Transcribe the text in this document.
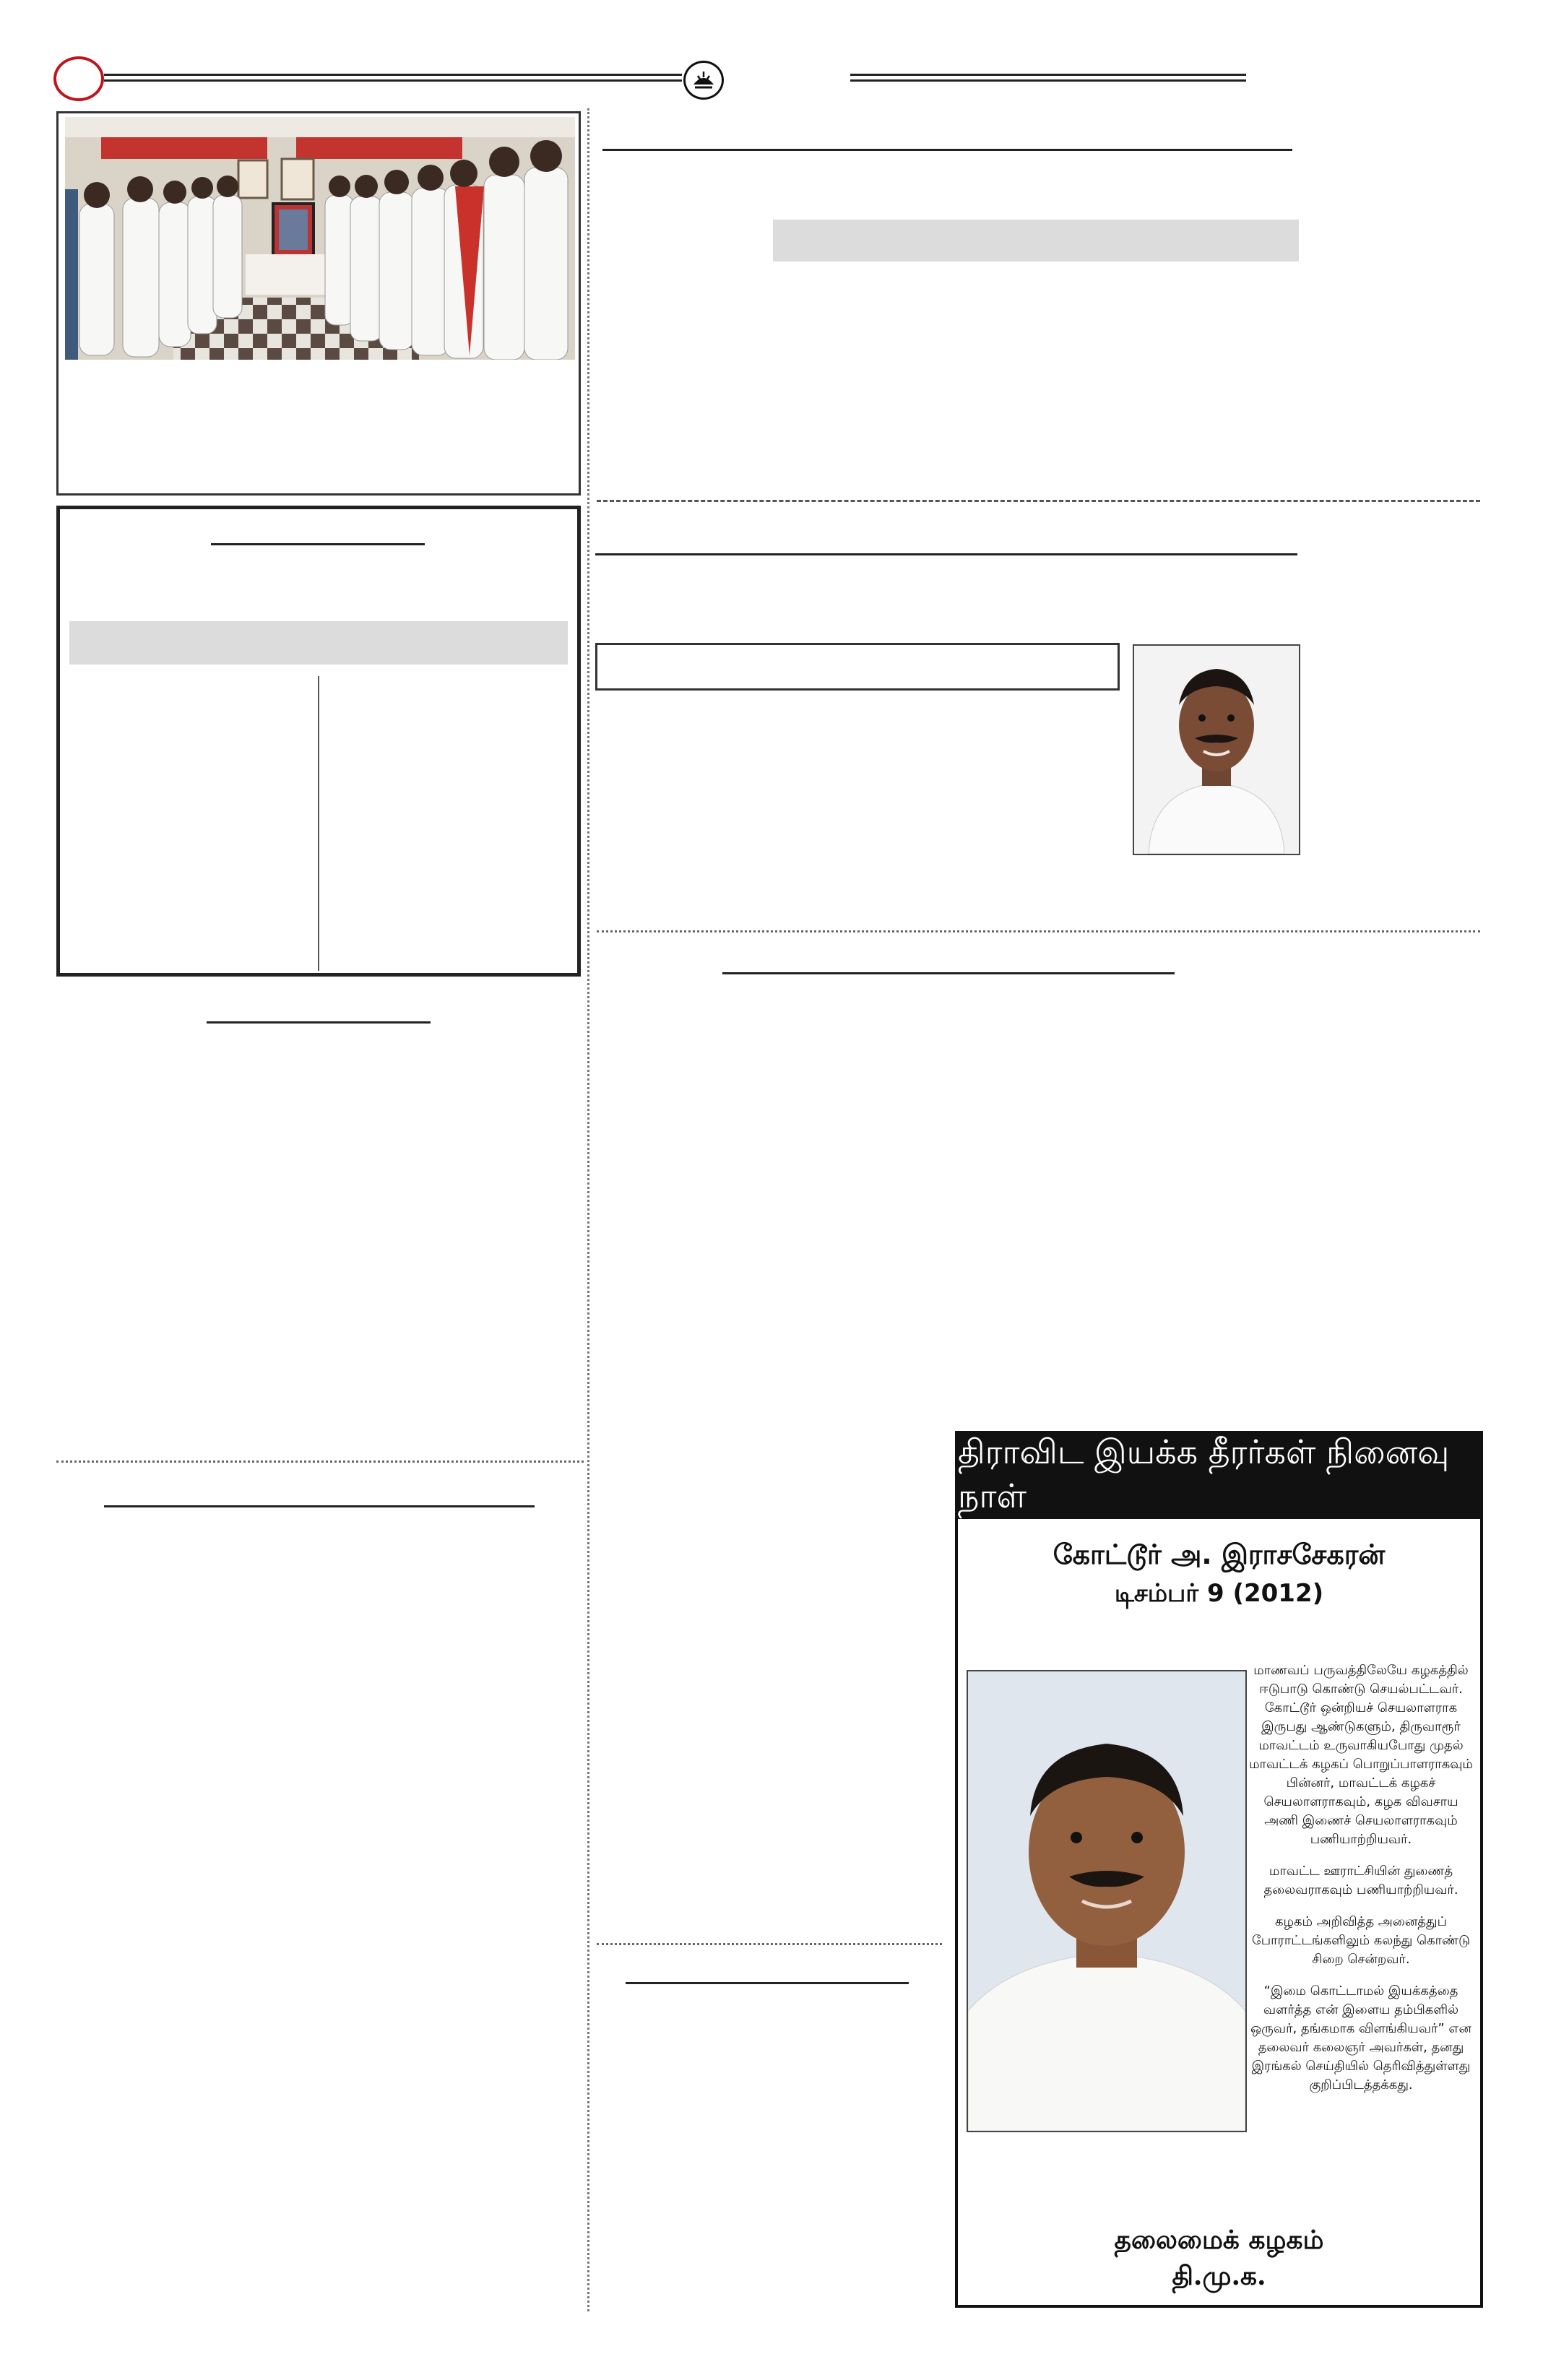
திராவிட இயக்க தீரர்கள் நினைவு நாள்
கோட்டூர் அ. இராசசேகரன்
டிசம்பர் 9 (2012)

மாணவப் பருவத்திலேயே கழகத்தில் ஈடுபாடு கொண்டு செயல்பட்டவர். கோட்டூர் ஒன்றியச் செயலாளராக இருபது ஆண்டுகளும், திருவாரூர் மாவட்டம் உருவாகியபோது முதல் மாவட்டக் கழகப் பொறுப்பாளராகவும் பின்னர், மாவட்டக் கழகச் செயலாளராகவும், கழக விவசாய அணி இணைச் செயலாளராகவும் பணியாற்றியவர்.

மாவட்ட ஊராட்சியின் துணைத் தலைவராகவும் பணியாற்றியவர்.

கழகம் அறிவித்த அனைத்துப் போராட்டங்களிலும் கலந்து கொண்டு சிறை சென்றவர்.

“இமை கொட்டாமல் இயக்கத்தை வளர்த்த என் இளைய தம்பிகளில் ஒருவர், தங்கமாக விளங்கியவர்” என தலைவர் கலைஞர் அவர்கள், தனது இரங்கல் செய்தியில் தெரிவித்துள்ளது குறிப்பிடத்தக்கது.

தலைமைக் கழகம்
தி.மு.க.
